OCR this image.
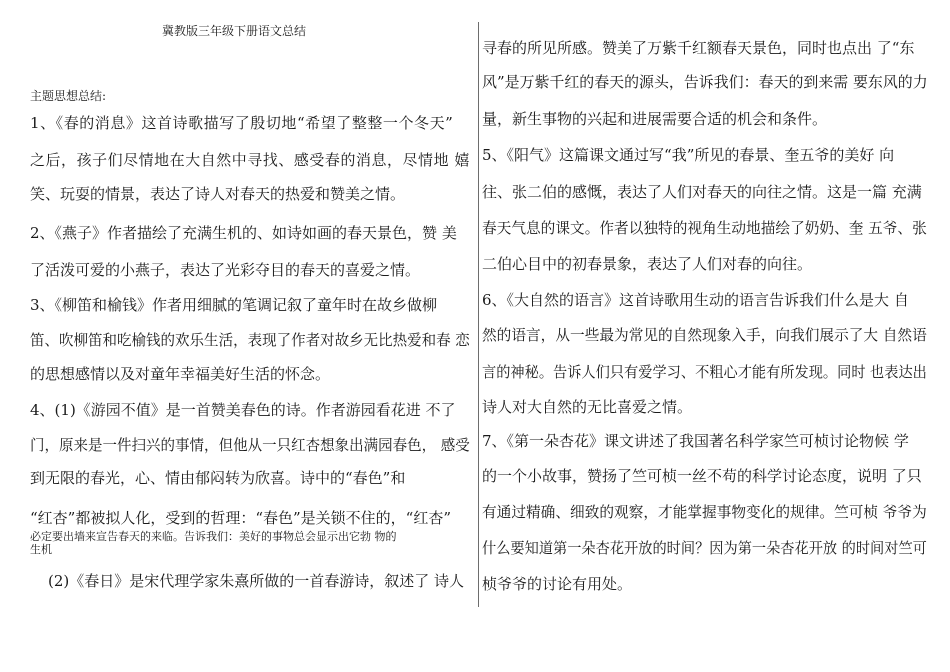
冀教版三年级下册语文总结
主题思想总结:
1、《春的消息》这首诗歌描写了殷切地“希望了整整一个冬天”
之后，孩子们尽情地在大自然中寻找、感受春的消息，尽情地 嬉
笑、玩耍的情景，表达了诗人对春天的热爱和赞美之情。
2、《燕子》作者描绘了充满生机的、如诗如画的春天景色，赞 美
了活泼可爱的小燕子，表达了光彩夺目的春天的喜爱之情。
3、《柳笛和榆钱》作者用细腻的笔调记叙了童年时在故乡做柳
笛、吹柳笛和吃榆钱的欢乐生活，表现了作者对故乡无比热爱和春 恋
的思想感情以及对童年幸福美好生活的怀念。
4、(1)《游园不值》是一首赞美春色的诗。作者游园看花进 不了
门，原来是一件扫兴的事情，但他从一只红杏想象出满园春色， 感受
到无限的春光，心、情由郁闷转为欣喜。诗中的“春色”和
“红杏”都被拟人化，受到的哲理：“春色”是关锁不住的，“红杏”
必定要出墙来宣告春天的来临。告诉我们：美好的事物总会显示出它勃 物的
生机
(2)《春日》是宋代理学家朱熹所做的一首春游诗，叙述了 诗人
寻春的所见所感。赞美了万紫千红额春天景色，同时也点出 了“东
风”是万紫千红的春天的源头，告诉我们：春天的到来需 要东风的力
量，新生事物的兴起和进展需要合适的机会和条件。
5、《阳气》这篇课文通过写“我”所见的春景、奎五爷的美好 向
往、张二伯的感慨，表达了人们对春天的向往之情。这是一篇 充满
春天气息的课文。作者以独特的视角生动地描绘了奶奶、奎 五爷、张
二伯心目中的初春景象，表达了人们对春的向往。
6、《大自然的语言》这首诗歌用生动的语言告诉我们什么是大 自
然的语言，从一些最为常见的自然现象入手，向我们展示了大 自然语
言的神秘。告诉人们只有爱学习、不粗心才能有所发现。同时 也表达出
诗人对大自然的无比喜爱之情。
7、《第一朵杏花》课文讲述了我国著名科学家竺可桢讨论物候 学
的一个小故事，赞扬了竺可桢一丝不苟的科学讨论态度，说明 了只
有通过精确、细致的观察，才能掌握事物变化的规律。竺可桢 爷爷为
什么要知道第一朵杏花开放的时间？因为第一朵杏花开放 的时间对竺可
桢爷爷的讨论有用处。
